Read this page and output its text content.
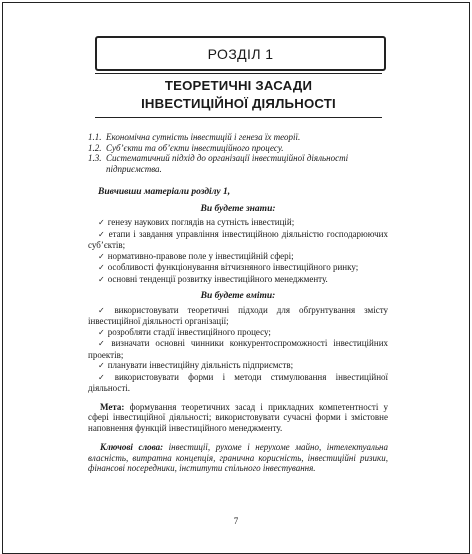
РОЗДІЛ 1
ТЕОРЕТИЧНІ ЗАСАДИ
ІНВЕСТИЦІЙНОЇ ДІЯЛЬНОСТІ
1.1. Економічна сутність інвестицій і генеза їх теорії.
1.2. Суб’єкти та об’єкти інвестиційного процесу.
1.3. Систематичний підхід до організації інвестиційної діяльності підприємства.
Вивчивши матеріали розділу 1,
Ви будете знати:
✓ генезу наукових поглядів на сутність інвестицій;
✓ етапи і завдання управління інвестиційною діяльністю господарюючих суб’єктів;
✓ нормативно-правове поле у інвестиційній сфері;
✓ особливості функціонування вітчизняного інвестиційного ринку;
✓ основні тенденції розвитку інвестиційного менеджменту.
Ви будете вміти:
✓ використовувати теоретичні підходи для обґрунтування змісту інвестиційної діяльності організації;
✓ розробляти стадії інвестиційного процесу;
✓ визначати основні чинники конкурентоспроможності інвестиційних проектів;
✓ планувати інвестиційну діяльність підприємств;
✓ використовувати форми і методи стимулювання інвестиційної діяльності.

Мета: формування теоретичних засад і прикладних компетентності у сфері інвестиційної діяльності; використовувати сучасні форми і змістовне наповнення функцій інвестиційного менеджменту.

Ключові слова: інвестиції, рухоме і нерухоме майно, інтелектуальна власність, витратна концепція, гранична корисність, інвестиційні ризики, фінансові посередники, інститути спільного інвестування.

7
